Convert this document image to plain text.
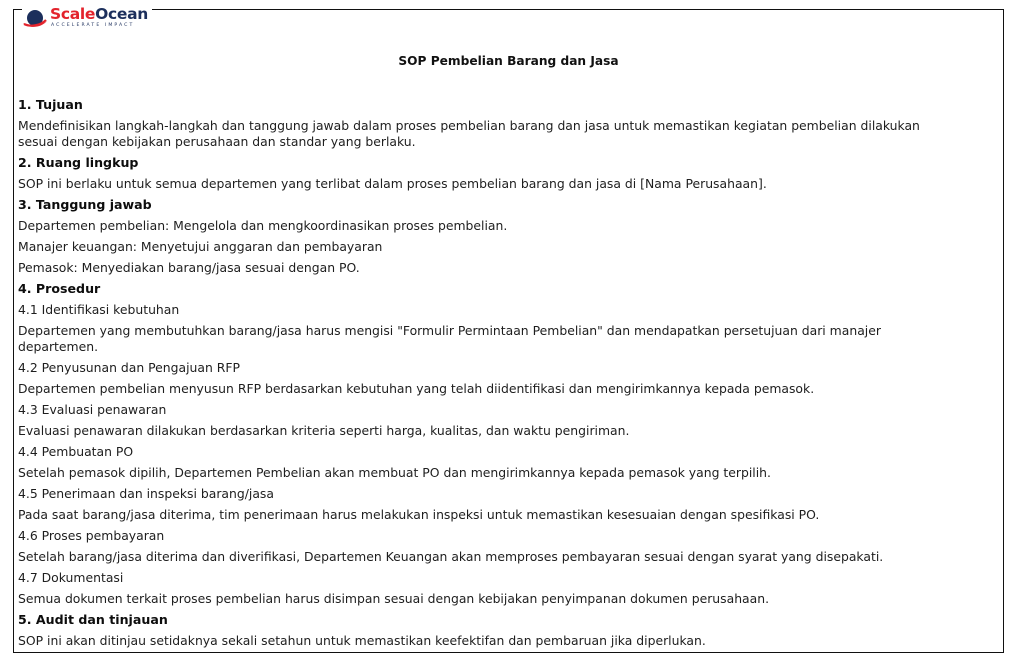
ScaleOcean
ACCELERATE IMPACT
SOP Pembelian Barang dan Jasa
1. Tujuan
Mendefinisikan langkah-langkah dan tanggung jawab dalam proses pembelian barang dan jasa untuk memastikan kegiatan pembelian dilakukan sesuai dengan kebijakan perusahaan dan standar yang berlaku.
2. Ruang lingkup
SOP ini berlaku untuk semua departemen yang terlibat dalam proses pembelian barang dan jasa di [Nama Perusahaan].
3. Tanggung jawab
Departemen pembelian: Mengelola dan mengkoordinasikan proses pembelian.
Manajer keuangan: Menyetujui anggaran dan pembayaran
Pemasok: Menyediakan barang/jasa sesuai dengan PO.
4. Prosedur
4.1 Identifikasi kebutuhan
Departemen yang membutuhkan barang/jasa harus mengisi "Formulir Permintaan Pembelian" dan mendapatkan persetujuan dari manajer departemen.
4.2 Penyusunan dan Pengajuan RFP
Departemen pembelian menyusun RFP berdasarkan kebutuhan yang telah diidentifikasi dan mengirimkannya kepada pemasok.
4.3 Evaluasi penawaran
Evaluasi penawaran dilakukan berdasarkan kriteria seperti harga, kualitas, dan waktu pengiriman.
4.4 Pembuatan PO
Setelah pemasok dipilih, Departemen Pembelian akan membuat PO dan mengirimkannya kepada pemasok yang terpilih.
4.5 Penerimaan dan inspeksi barang/jasa
Pada saat barang/jasa diterima, tim penerimaan harus melakukan inspeksi untuk memastikan kesesuaian dengan spesifikasi PO.
4.6 Proses pembayaran
Setelah barang/jasa diterima dan diverifikasi, Departemen Keuangan akan memproses pembayaran sesuai dengan syarat yang disepakati.
4.7 Dokumentasi
Semua dokumen terkait proses pembelian harus disimpan sesuai dengan kebijakan penyimpanan dokumen perusahaan.
5. Audit dan tinjauan
SOP ini akan ditinjau setidaknya sekali setahun untuk memastikan keefektifan dan pembaruan jika diperlukan.
